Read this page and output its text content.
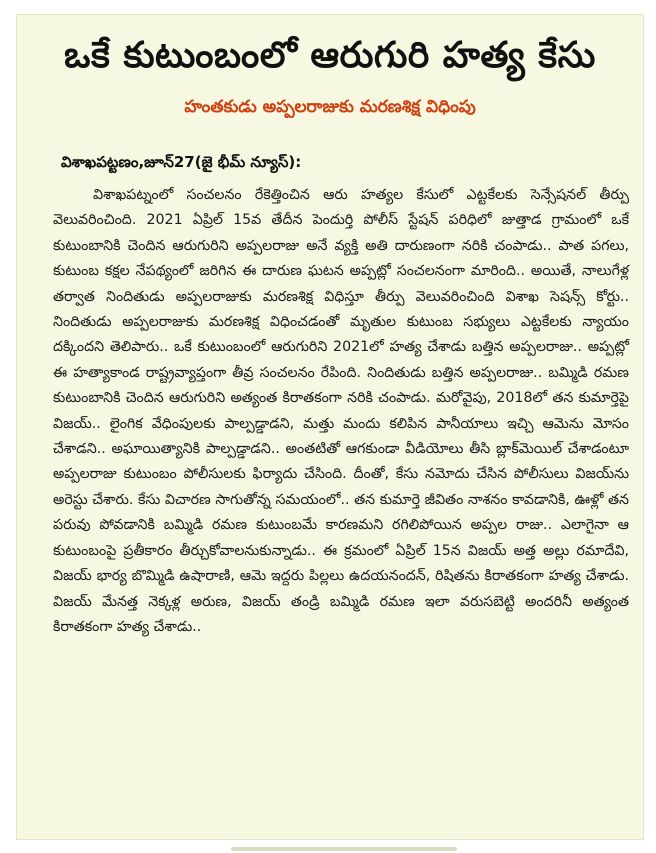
ఒకే కుటుంబంలో ఆరుగురి హత్య కేసు
హంతకుడు అప్పలరాజుకు మరణశిక్ష విధింపు

విశాఖపట్టణం,జూన్27(జై భీమ్ న్యూస్):

విశాఖపట్నంలో సంచలనం రేకెత్తించిన ఆరు హత్యల కేసులో ఎట్టకేలకు సెన్సేషనల్ తీర్పు వెలువరించింది. 2021 ఏప్రిల్ 15వ తేదీన పెందుర్తి పోలీస్ స్టేషన్ పరిధిలో జుత్తాడ గ్రామంలో ఒకే కుటుంబానికి చెందిన ఆరుగురిని అప్పలరాజు అనే వ్యక్తి అతి దారుణంగా నరికి చంపాడు.. పాత పగలు, కుటుంబ కక్షల నేపథ్యంలో జరిగిన ఈ దారుణ ఘటన అప్పట్లో సంచలనంగా మారింది.. అయితే, నాలుగేళ్ల తర్వాత నిందితుడు అప్పలరాజుకు మరణశిక్ష విధిస్తూ తీర్పు వెలువరించింది విశాఖ సెషన్స్ కోర్టు.. నిందితుడు అప్పలరాజుకు మరణశిక్ష విధించడంతో మృతుల కుటుంబ సభ్యులు ఎట్టకేలకు న్యాయం దక్కిందని తెలిపారు.. ఒకే కుటుంబంలో ఆరుగురిని 2021లో హత్య చేశాడు బత్తిన అప్పలరాజు.. అప్పట్లో ఈ హత్యాకాండ రాష్ట్రవ్యాప్తంగా తీవ్ర సంచలనం రేపింది. నిందితుడు బత్తిన అప్పలరాజు.. బమ్మిడి రమణ కుటుంబానికి చెందిన ఆరుగురిని అత్యంత కిరాతకంగా నరికి చంపాడు. మరోవైపు, 2018లో తన కుమార్తెపై విజయ్.. లైంగిక వేధింపులకు పాల్పడ్డాడని, మత్తు మందు కలిపిన పానీయాలు ఇచ్చి ఆమెను మోసం చేశాడని.. అఘాయిత్యానికి పాల్పడ్డాడని.. అంతటితో ఆగకుండా వీడియోలు తీసి బ్లాక్‌మెయిల్ చేశాడంటూ అప్పలరాజు కుటుంబం పోలీసులకు ఫిర్యాదు చేసింది. దీంతో, కేసు నమోదు చేసిన పోలీసులు విజయ్‌ను అరెస్టు చేశారు. కేసు విచారణ సాగుతోన్న సమయంలో.. తన కుమార్తె జీవితం నాశనం కావడానికి, ఊళ్లో తన పరువు పోవడానికి బమ్మిడి రమణ కుటుంబమే కారణమని రగిలిపోయిన అప్పల రాజు.. ఎలాగైనా ఆ కుటుంబంపై ప్రతీకారం తీర్చుకోవాలనుకున్నాడు.. ఈ క్రమంలో ఏప్రిల్ 15న విజయ్ అత్త అల్లు రమాదేవి, విజయ్ భార్య బొమ్మిడి ఉషారాణి, ఆమె ఇద్దరు పిల్లలు ఉదయనందన్, రిషితను కిరాతకంగా హత్య చేశాడు. విజయ్ మేనత్త నెక్కళ్ల అరుణ, విజయ్ తండ్రి బమ్మిడి రమణ ఇలా వరుసబెట్టి అందరినీ అత్యంత కిరాతకంగా హత్య చేశాడు..
